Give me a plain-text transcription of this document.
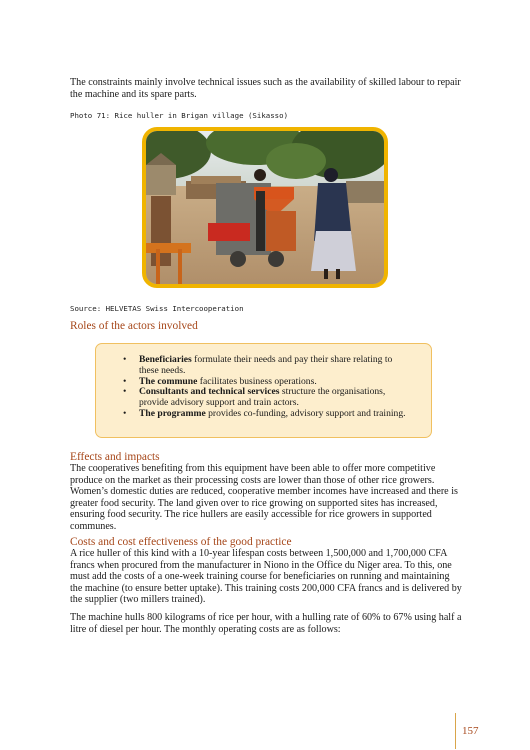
The constraints mainly involve technical issues such as the availability of skilled labour to repair the machine and its spare parts.

Photo 71: Rice huller in Brigan village (Sikasso)

Source: HELVETAS Swiss Intercooperation

Roles of the actors involved

• Beneficiaries formulate their needs and pay their share relating to these needs.
• The commune facilitates business operations.
• Consultants and technical services structure the organisations, provide advisory support and train actors.
• The programme provides co-funding, advisory support and training.

Effects and impacts

The cooperatives benefiting from this equipment have been able to offer more competitive produce on the market as their processing costs are lower than those of other rice growers. Women’s domestic duties are reduced, cooperative member incomes have increased and there is greater food security. The land given over to rice growing on supported sites has increased, ensuring food security. The rice hullers are easily accessible for rice growers in supported communes.

Costs and cost effectiveness of the good practice

A rice huller of this kind with a 10-year lifespan costs between 1,500,000 and 1,700,000 CFA francs when procured from the manufacturer in Niono in the Office du Niger area. To this, one must add the costs of a one-week training course for beneficiaries on running and maintaining the machine (to ensure better uptake). This training costs 200,000 CFA francs and is delivered by the supplier (two millers trained).

The machine hulls 800 kilograms of rice per hour, with a hulling rate of 60% to 67% using half a litre of diesel per hour. The monthly operating costs are as follows:

157
